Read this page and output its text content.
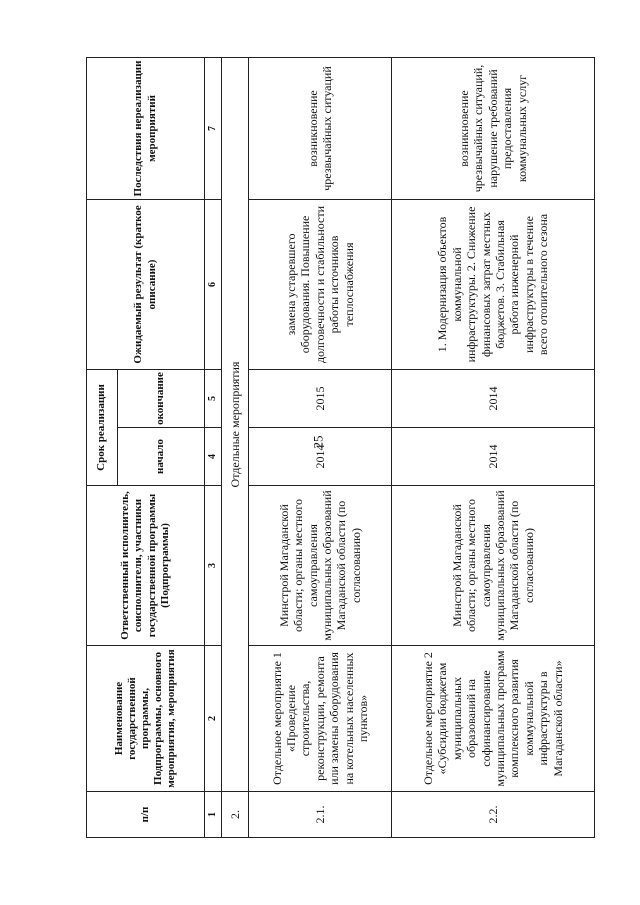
25
п/п	Наименование государственной программы, Подпрограммы, основного мероприятия, мероприятия	Ответственный исполнитель, соисполнители, участники государственной программы (Подпрограммы)	Срок реализации		Ожидаемый результат (краткое описание)	Последствия нереализации мероприятий
			начало	окончание		
1	2	3	4	5	6	7
2.	Отдельные мероприятия					
2.1.	Отдельное мероприятие 1 «Проведение строительства, реконструкции, ремонта или замены оборудования на котельных населенных пунктов»	Минстрой Магаданской области; органы местного самоуправления муниципальных образований Магаданской области (по согласованию)	2014	2015	замена устаревшего оборудования. Повышение долговечности и стабильности работы источников теплоснабжения	возникновение чрезвычайных ситуаций
2.2.	Отдельное мероприятие 2 «Субсидии бюджетам муниципальных образований на софинансирование муниципальных программ комплексного развития коммунальной инфраструктуры в Магаданской области»	Минстрой Магаданской области; органы местного самоуправления муниципальных образований Магаданской области (по согласованию)	2014	2014	1. Модернизация объектов коммунальной инфраструктуры. 2. Снижение финансовых затрат местных бюджетов. 3. Стабильная работа инженерной инфраструктуры в течение всего отопительного сезона	возникновение чрезвычайных ситуаций, нарушение требований предоставления коммунальных услуг
